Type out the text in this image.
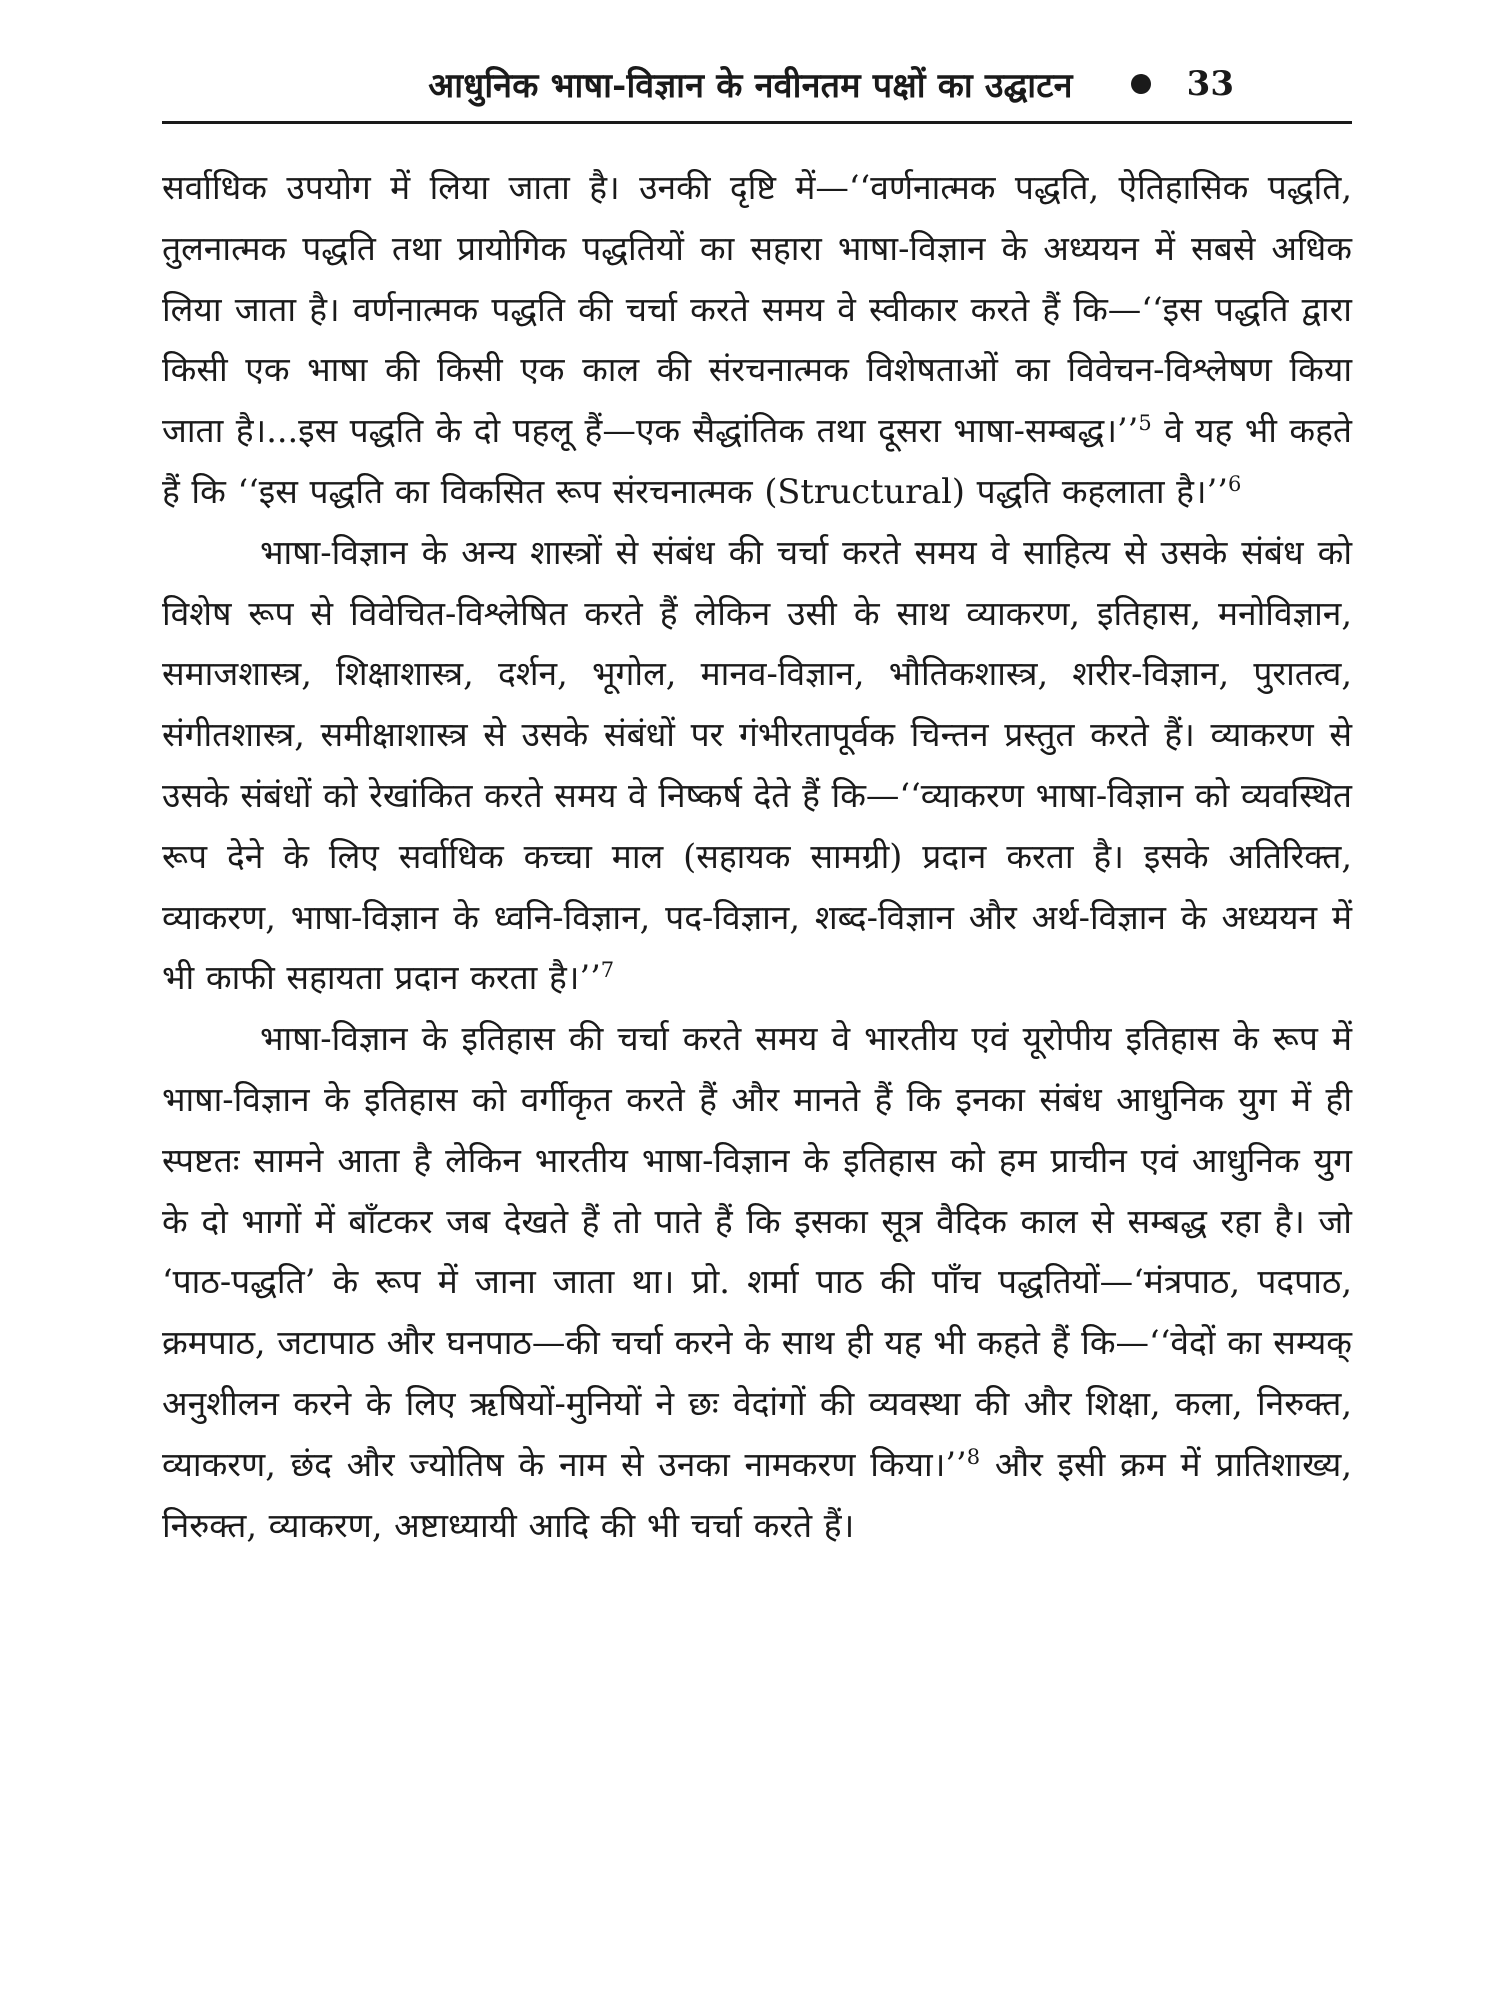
आधुनिक भाषा-विज्ञान के नवीनतम पक्षों का उद्घाटन	33

सर्वाधिक उपयोग में लिया जाता है। उनकी दृष्टि में—‘‘वर्णनात्मक पद्धति, ऐतिहासिक पद्धति, तुलनात्मक पद्धति तथा प्रायोगिक पद्धतियों का सहारा भाषा-विज्ञान के अध्ययन में सबसे अधिक लिया जाता है। वर्णनात्मक पद्धति की चर्चा करते समय वे स्वीकार करते हैं कि—‘‘इस पद्धति द्वारा किसी एक भाषा की किसी एक काल की संरचनात्मक विशेषताओं का विवेचन-विश्लेषण किया जाता है।...इस पद्धति के दो पहलू हैं—एक सैद्धांतिक तथा दूसरा भाषा-सम्बद्ध।’’$^5$ वे यह भी कहते हैं कि ‘‘इस पद्धति का विकसित रूप संरचनात्मक (Structural) पद्धति कहलाता है।’’$^6$

भाषा-विज्ञान के अन्य शास्त्रों से संबंध की चर्चा करते समय वे साहित्य से उसके संबंध को विशेष रूप से विवेचित-विश्लेषित करते हैं लेकिन उसी के साथ व्याकरण, इतिहास, मनोविज्ञान, समाजशास्त्र, शिक्षाशास्त्र, दर्शन, भूगोल, मानव-विज्ञान, भौतिकशास्त्र, शरीर-विज्ञान, पुरातत्व, संगीतशास्त्र, समीक्षाशास्त्र से उसके संबंधों पर गंभीरतापूर्वक चिन्तन प्रस्तुत करते हैं। व्याकरण से उसके संबंधों को रेखांकित करते समय वे निष्कर्ष देते हैं कि—‘‘व्याकरण भाषा-विज्ञान को व्यवस्थित रूप देने के लिए सर्वाधिक कच्चा माल (सहायक सामग्री) प्रदान करता है। इसके अतिरिक्त, व्याकरण, भाषा-विज्ञान के ध्वनि-विज्ञान, पद-विज्ञान, शब्द-विज्ञान और अर्थ-विज्ञान के अध्ययन में भी काफी सहायता प्रदान करता है।’’$^7$

भाषा-विज्ञान के इतिहास की चर्चा करते समय वे भारतीय एवं यूरोपीय इतिहास के रूप में भाषा-विज्ञान के इतिहास को वर्गीकृत करते हैं और मानते हैं कि इनका संबंध आधुनिक युग में ही स्पष्टतः सामने आता है लेकिन भारतीय भाषा-विज्ञान के इतिहास को हम प्राचीन एवं आधुनिक युग के दो भागों में बाँटकर जब देखते हैं तो पाते हैं कि इसका सूत्र वैदिक काल से सम्बद्ध रहा है। जो ‘पाठ-पद्धति’ के रूप में जाना जाता था। प्रो. शर्मा पाठ की पाँच पद्धतियों—‘मंत्रपाठ, पदपाठ, क्रमपाठ, जटापाठ और घनपाठ—की चर्चा करने के साथ ही यह भी कहते हैं कि—‘‘वेदों का सम्यक् अनुशीलन करने के लिए ऋषियों-मुनियों ने छः वेदांगों की व्यवस्था की और शिक्षा, कला, निरुक्त, व्याकरण, छंद और ज्योतिष के नाम से उनका नामकरण किया।’’$^8$ और इसी क्रम में प्रातिशाख्य, निरुक्त, व्याकरण, अष्टाध्यायी आदि की भी चर्चा करते हैं।
